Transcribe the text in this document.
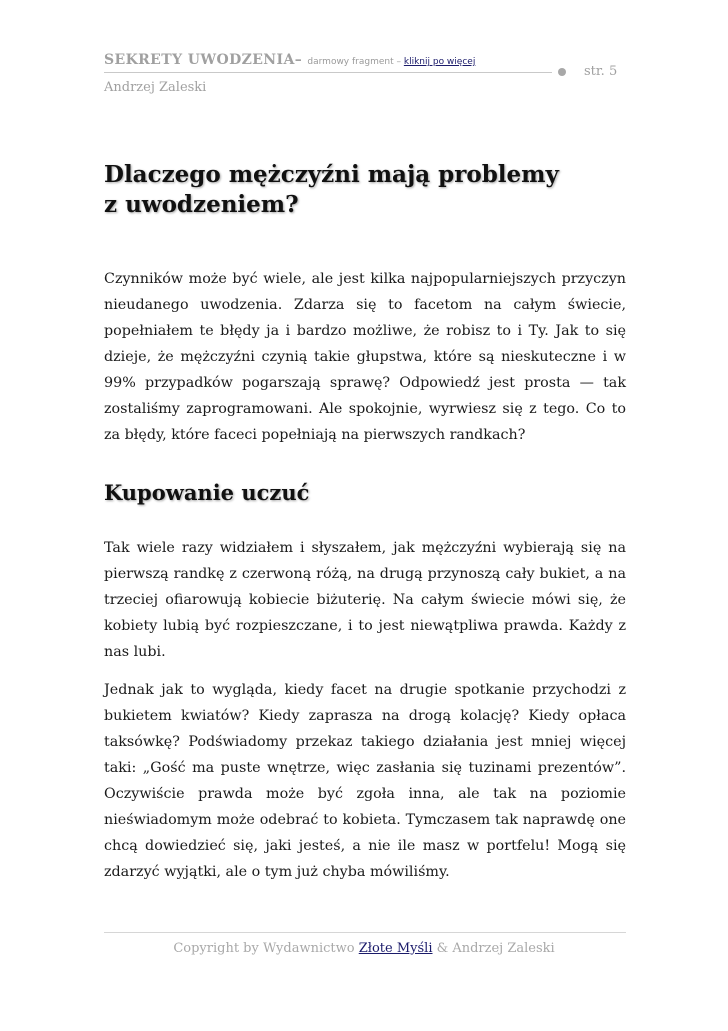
SEKRETY UWODZENIA– darmowy fragment – kliknij po więcej
str. 5
Andrzej Zaleski
Dlaczego mężczyźni mają problemy
z uwodzeniem?

Czynników może być wiele, ale jest kilka najpopularniejszych przyczyn nieudanego uwodzenia. Zdarza się to facetom na całym świecie, popełniałem te błędy ja i bardzo możliwe, że robisz to i Ty. Jak to się dzieje, że mężczyźni czynią takie głupstwa, które są nieskuteczne i w 99% przypadków pogarszają sprawę? Odpowiedź jest prosta — tak zostaliśmy zaprogramowani. Ale spokojnie, wyrwiesz się z tego. Co to za błędy, które faceci popełniają na pierwszych randkach?

Kupowanie uczuć

Tak wiele razy widziałem i słyszałem, jak mężczyźni wybierają się na pierwszą randkę z czerwoną różą, na drugą przynoszą cały bukiet, a na trzeciej ofiarowują kobiecie biżuterię. Na całym świecie mówi się, że kobiety lubią być rozpieszczane, i to jest niewątpliwa prawda. Każdy z nas lubi.

Jednak jak to wygląda, kiedy facet na drugie spotkanie przychodzi z bukietem kwiatów? Kiedy zaprasza na drogą kolację? Kiedy opłaca taksówkę? Podświadomy przekaz takiego działania jest mniej więcej taki: „Gość ma puste wnętrze, więc zasłania się tuzinami prezentów”. Oczywiście prawda może być zgoła inna, ale tak na poziomie nieświadomym może odebrać to kobieta. Tymczasem tak naprawdę one chcą dowiedzieć się, jaki jesteś, a nie ile masz w portfelu! Mogą się zdarzyć wyjątki, ale o tym już chyba mówiliśmy.

Copyright by Wydawnictwo Złote Myśli & Andrzej Zaleski
